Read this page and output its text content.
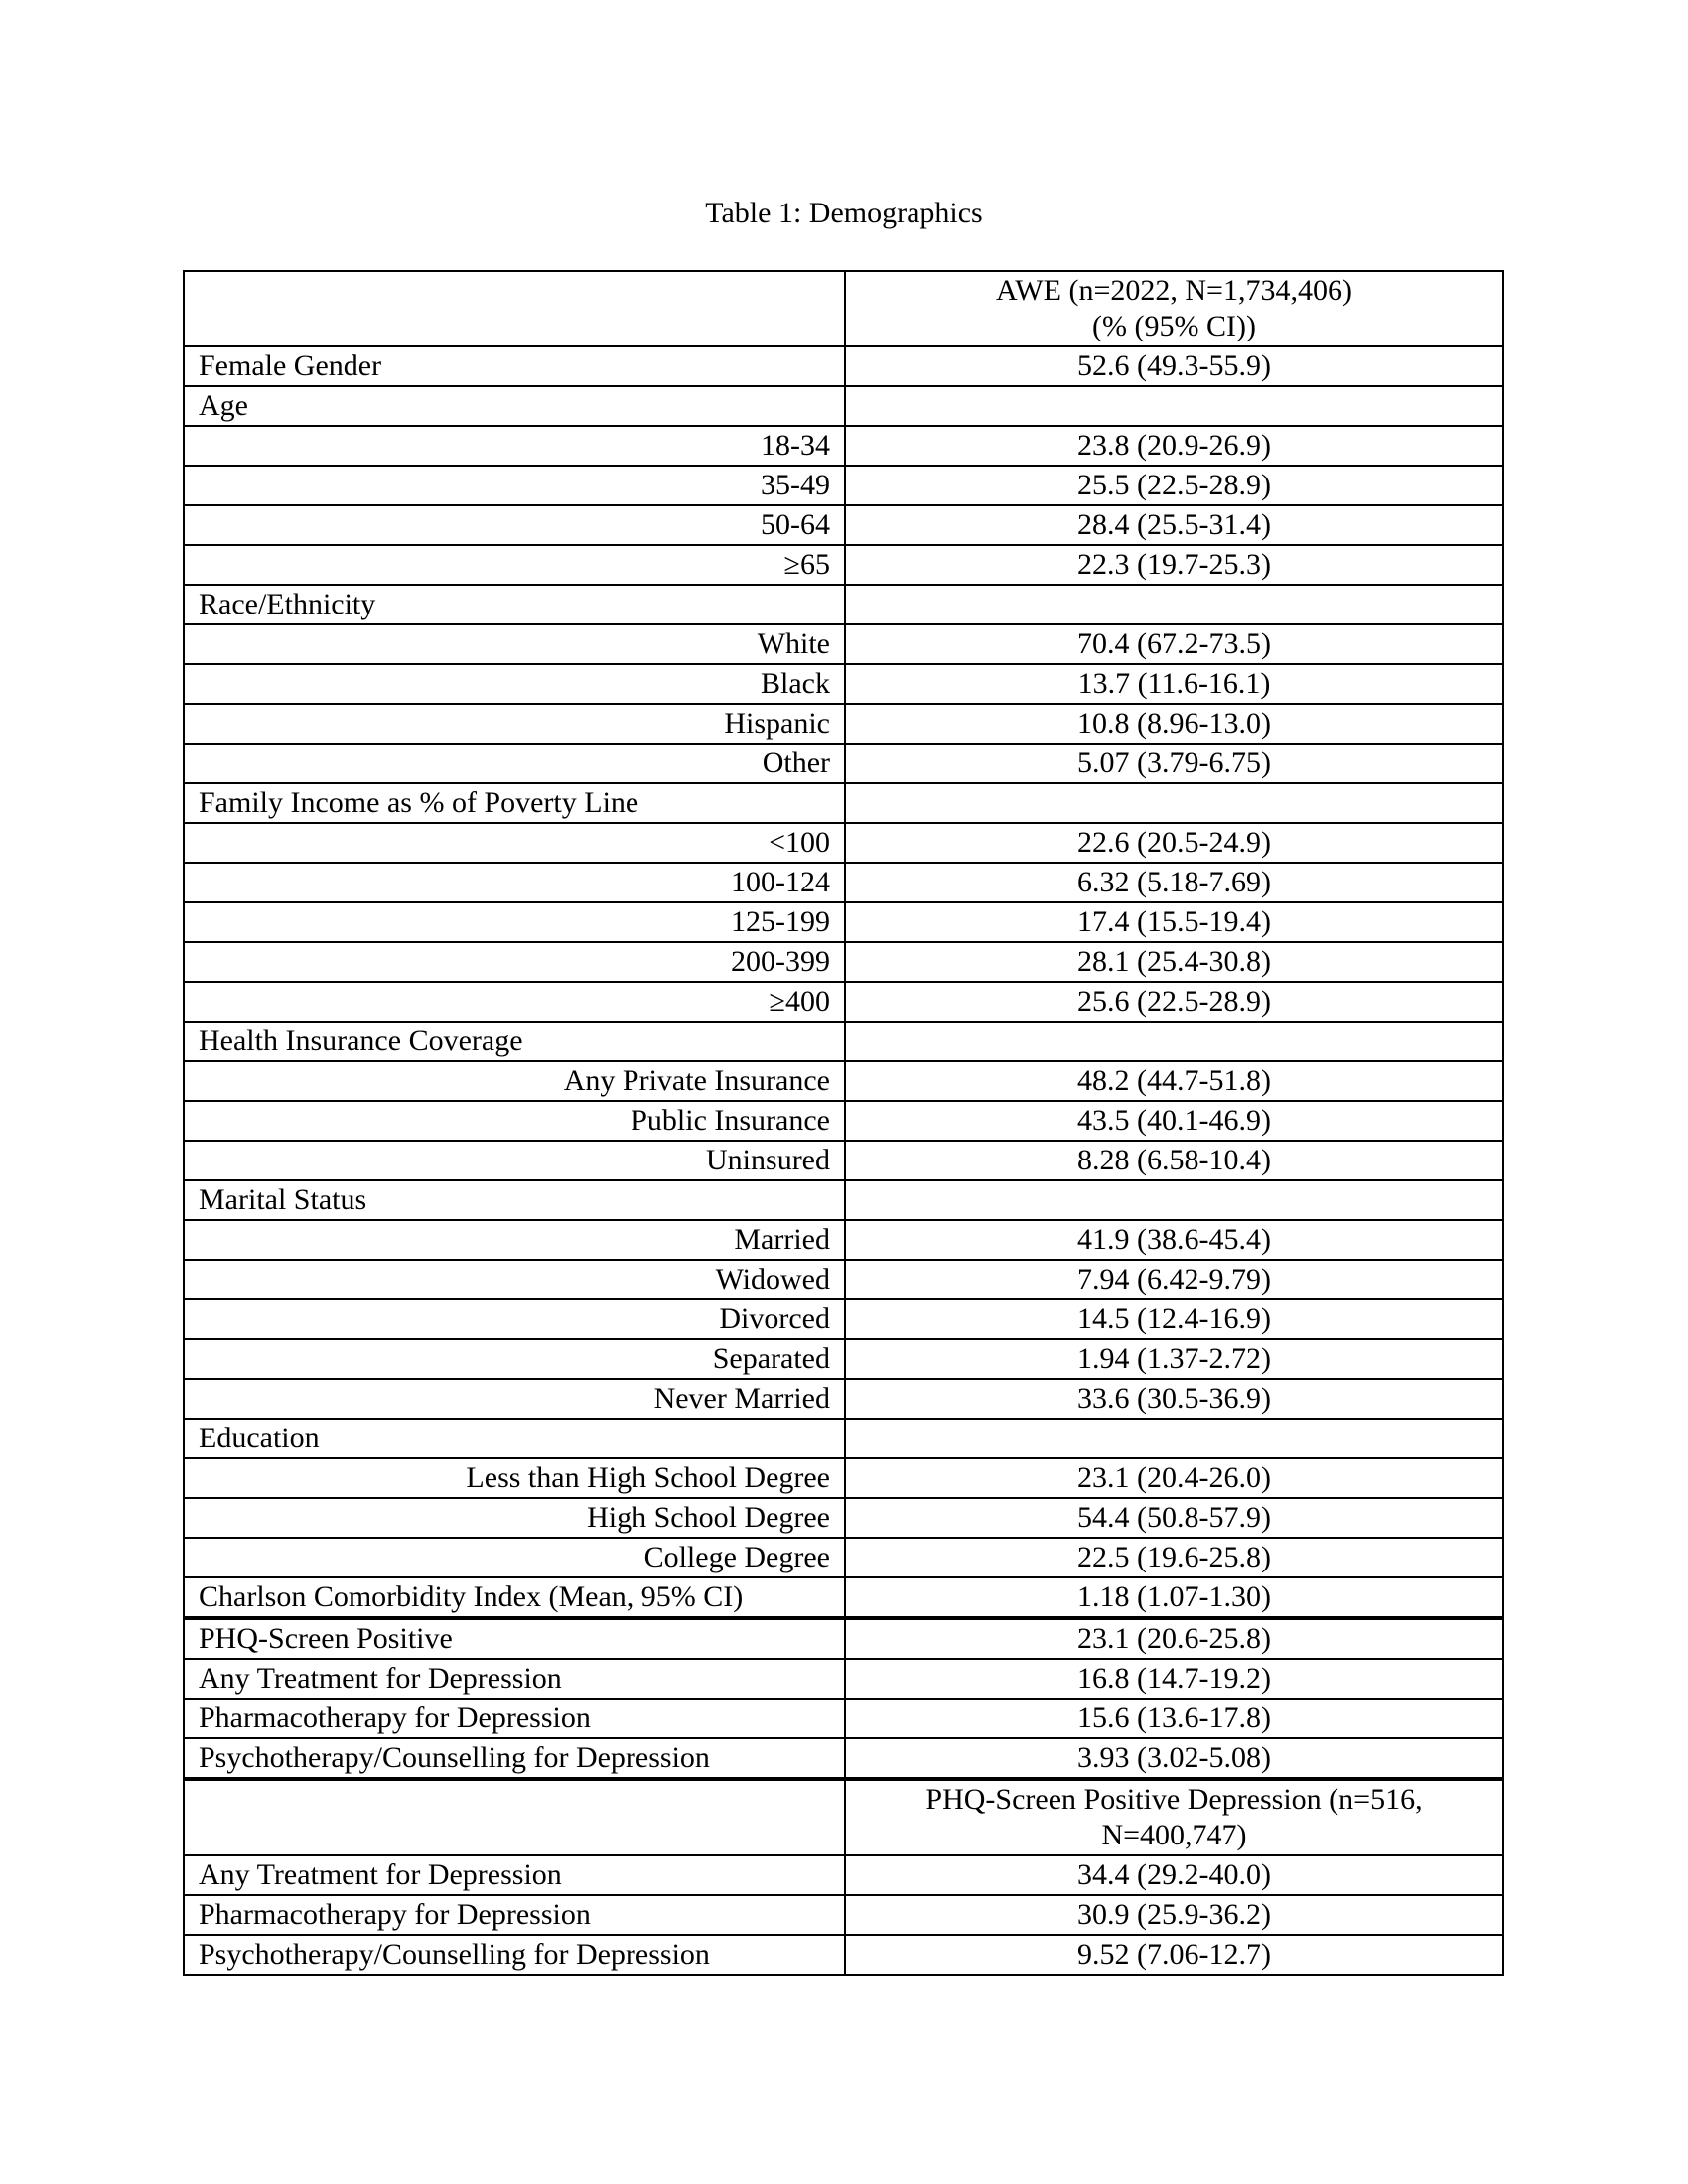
Table 1: Demographics

	AWE (n=2022, N=1,734,406)
(% (95% CI))

Female Gender	52.6 (49.3-55.9)
Age	
18-34	23.8 (20.9-26.9)
35-49	25.5 (22.5-28.9)
50-64	28.4 (25.5-31.4)
≥65	22.3 (19.7-25.3)
Race/Ethnicity	
White	70.4 (67.2-73.5)
Black	13.7 (11.6-16.1)
Hispanic	10.8 (8.96-13.0)
Other	5.07 (3.79-6.75)
Family Income as % of Poverty Line	
<100	22.6 (20.5-24.9)
100-124	6.32 (5.18-7.69)
125-199	17.4 (15.5-19.4)
200-399	28.1 (25.4-30.8)
≥400	25.6 (22.5-28.9)
Health Insurance Coverage	
Any Private Insurance	48.2 (44.7-51.8)
Public Insurance	43.5 (40.1-46.9)
Uninsured	8.28 (6.58-10.4)
Marital Status	
Married	41.9 (38.6-45.4)
Widowed	7.94 (6.42-9.79)
Divorced	14.5 (12.4-16.9)
Separated	1.94 (1.37-2.72)
Never Married	33.6 (30.5-36.9)
Education	
Less than High School Degree	23.1 (20.4-26.0)
High School Degree	54.4 (50.8-57.9)
College Degree	22.5 (19.6-25.8)
Charlson Comorbidity Index (Mean, 95% CI)	1.18 (1.07-1.30)
PHQ-Screen Positive	23.1 (20.6-25.8)
Any Treatment for Depression	16.8 (14.7-19.2)
Pharmacotherapy for Depression	15.6 (13.6-17.8)
Psychotherapy/Counselling for Depression	3.93 (3.02-5.08)

	PHQ-Screen Positive Depression (n=516,
N=400,747)

Any Treatment for Depression	34.4 (29.2-40.0)
Pharmacotherapy for Depression	30.9 (25.9-36.2)
Psychotherapy/Counselling for Depression	9.52 (7.06-12.7)
